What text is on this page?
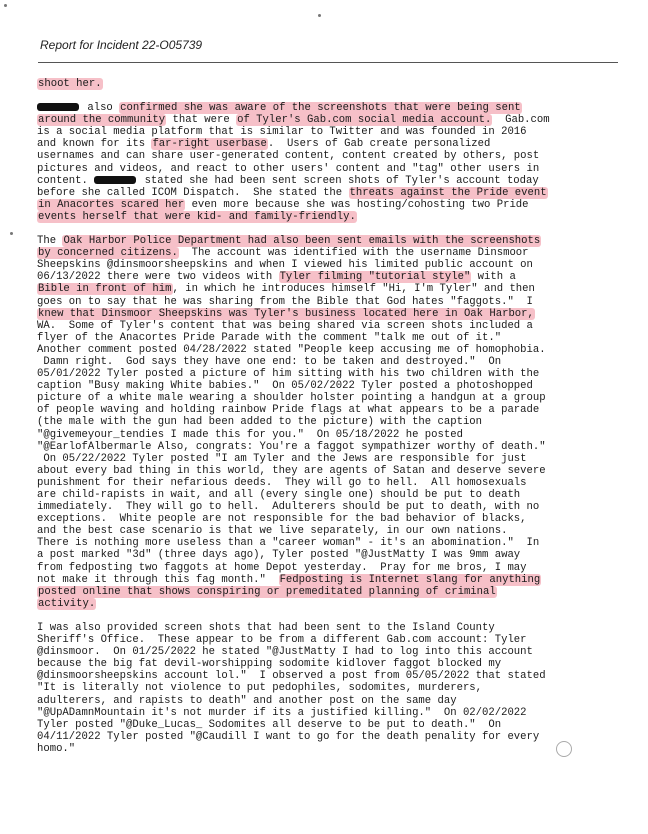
Report for Incident 22-O05739
shoot her.
also confirmed she was aware of the screenshots that were being sent
around the community that were of Tyler's Gab.com social media account.  Gab.com
is a social media platform that is similar to Twitter and was founded in 2016
and known for its far-right userbase.  Users of Gab create personalized
usernames and can share user-generated content, content created by others, post
pictures and videos, and react to other users' content and "tag" other users in
content.	stated she had been sent screen shots of Tyler's account today
before she called ICOM Dispatch.  She stated the threats against the Pride event
in Anacortes scared her even more because she was hosting/cohosting two Pride
events herself that were kid- and family-friendly.
The Oak Harbor Police Department had also been sent emails with the screenshots
by concerned citizens.  The account was identified with the username Dinsmoor
Sheepskins @dinsmoorsheepskins and when I viewed his limited public account on
06/13/2022 there were two videos with Tyler filming "tutorial style" with a
Bible in front of him, in which he introduces himself "Hi, I'm Tyler" and then
goes on to say that he was sharing from the Bible that God hates "faggots."  I
knew that Dinsmoor Sheepskins was Tyler's business located here in Oak Harbor,
WA.  Some of Tyler's content that was being shared via screen shots included a
flyer of the Anacortes Pride Parade with the comment "talk me out of it."
Another comment posted 04/28/2022 stated "People keep accusing me of homophobia.
Damn right.  God says they have one end: to be taken and destroyed."  On
05/01/2022 Tyler posted a picture of him sitting with his two children with the
caption "Busy making White babies."  On 05/02/2022 Tyler posted a photoshopped
picture of a white male wearing a shoulder holster pointing a handgun at a group
of people waving and holding rainbow Pride flags at what appears to be a parade
(the male with the gun had been added to the picture) with the caption
"@givemeyour_tendies I made this for you."  On 05/18/2022 he posted
"@EarlofAlbermarle Also, congrats: You're a faggot sympathizer worthy of death."
On 05/22/2022 Tyler posted "I am Tyler and the Jews are responsible for just
about every bad thing in this world, they are agents of Satan and deserve severe
punishment for their nefarious deeds.  They will go to hell.  All homosexuals
are child-rapists in wait, and all (every single one) should be put to death
immediately.  They will go to hell.  Adulterers should be put to death, with no
exceptions.  White people are not responsible for the bad behavior of blacks,
and the best case scenario is that we live separately, in our own nations.
There is nothing more useless than a "career woman" - it's an abomination."  In
a post marked "3d" (three days ago), Tyler posted "@JustMatty I was 9mm away
from fedposting two faggots at home Depot yesterday.  Pray for me bros, I may
not make it through this fag month."  Fedposting is Internet slang for anything
posted online that shows conspiring or premeditated planning of criminal
activity.
I was also provided screen shots that had been sent to the Island County
Sheriff's Office.  These appear to be from a different Gab.com account: Tyler
@dinsmoor.  On 01/25/2022 he stated "@JustMatty I had to log into this account
because the big fat devil-worshipping sodomite kidlover faggot blocked my
@dinsmoorsheepskins account lol."  I observed a post from 05/05/2022 that stated
"It is literally not violence to put pedophiles, sodomites, murderers,
adulterers, and rapists to death" and another post on the same day
"@UpADamnMountain it's not murder if its a justified killing."  On 02/02/2022
Tyler posted "@Duke_Lucas_ Sodomites all deserve to be put to death."  On
04/11/2022 Tyler posted "@Caudill I want to go for the death penality for every
homo."
